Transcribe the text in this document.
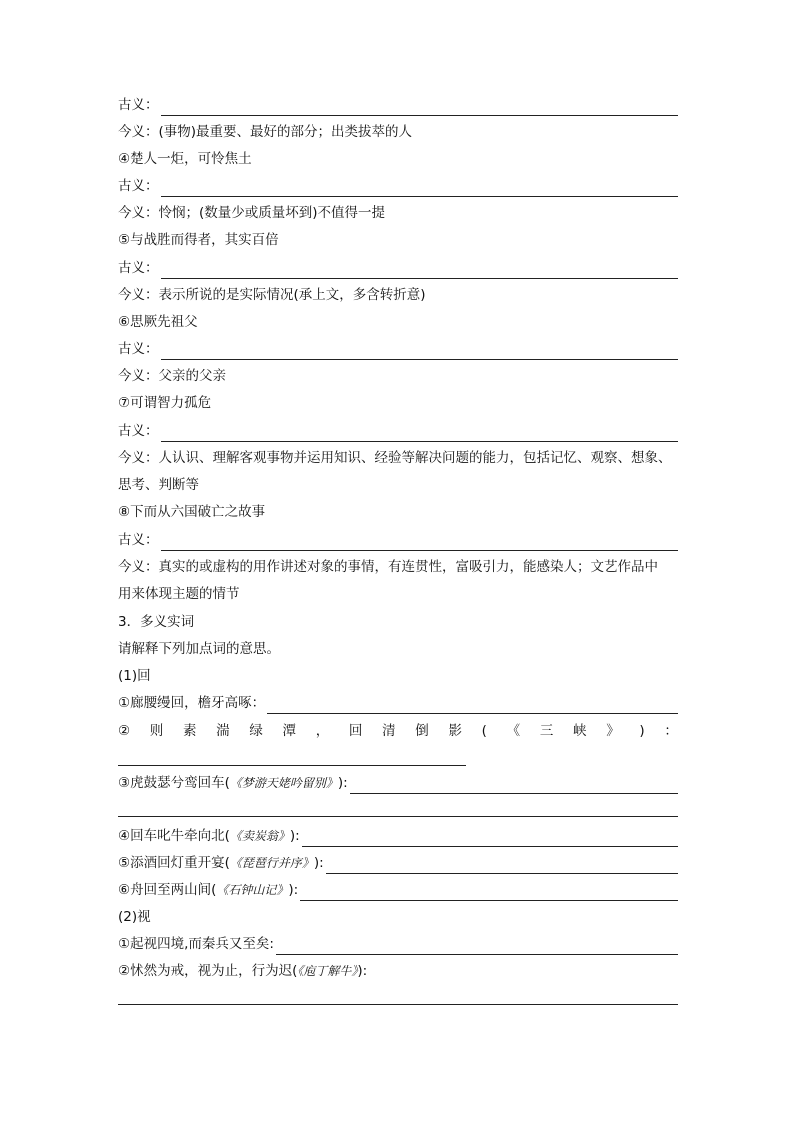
古义：
今义：(事物)最重要、最好的部分；出类拔萃的人
④楚人一炬，可怜焦土
古义：
今义：怜悯；(数量少或质量坏到)不值得一提
⑤与战胜而得者，其实百倍
古义：
今义：表示所说的是实际情况(承上文，多含转折意)
⑥思厥先祖父
古义：
今义：父亲的父亲
⑦可谓智力孤危
古义：
今义：人认识、理解客观事物并运用知识、经验等解决问题的能力，包括记忆、观察、想象、
思考、判断等
⑧下而从六国破亡之故事
古义：
今义：真实的或虚构的用作讲述对象的事情，有连贯性，富吸引力，能感染人；文艺作品中
用来体现主题的情节
3．多义实词
请解释下列加点词的意思。
(1)回
①廊腰缦回，檐牙高啄：
② 则 素 湍 绿 潭 ， 回 清 倒 影 ( 《 三 峡 》 ) ：
③虎鼓瑟兮鸾回车( 《梦游天姥吟留别》 ):
④回车叱牛牵向北( 《卖炭翁》 ):
⑤添酒回灯重开宴( 《琵琶行并序》 ):
⑥舟回至两山间( 《石钟山记》 ):
(2)视
①起视四境,而秦兵又至矣:
②怵然为戒，视为止，行为迟(《庖丁解牛》):
